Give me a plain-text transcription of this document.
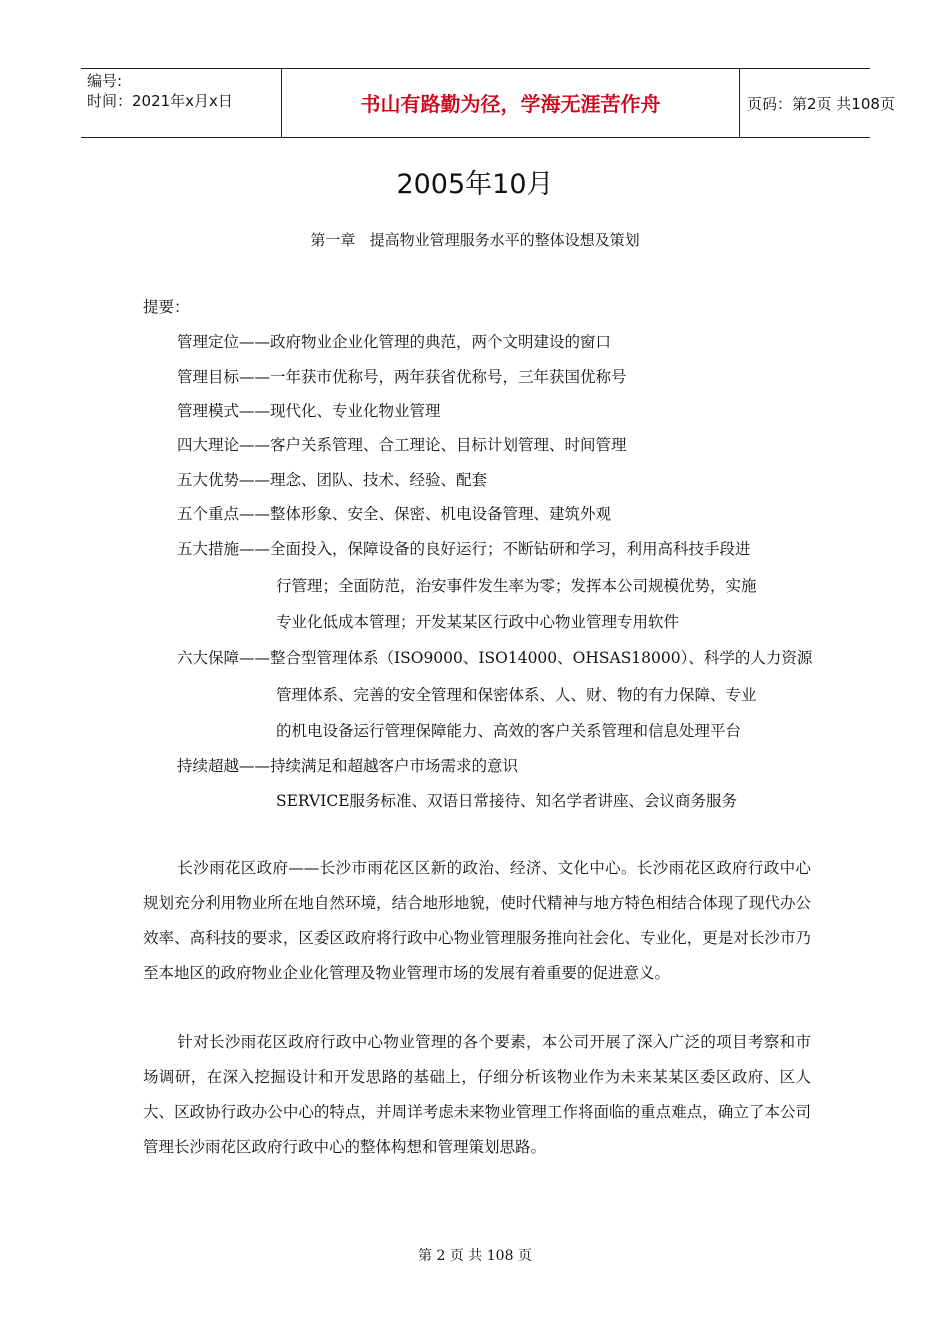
编号:
时间：2021年x月x日	书山有路勤为径，学海无涯苦作舟	页码：第2页 共108页
2005年10月
第一章   提高物业管理服务水平的整体设想及策划
提要：
管理定位——政府物业企业化管理的典范，两个文明建设的窗口
管理目标——一年获市优称号，两年获省优称号，三年获国优称号
管理模式——现代化、专业化物业管理
四大理论——客户关系管理、合工理论、目标计划管理、时间管理
五大优势——理念、团队、技术、经验、配套
五个重点——整体形象、安全、保密、机电设备管理、建筑外观
五大措施——全面投入，保障设备的良好运行；不断钻研和学习，利用高科技手段进
行管理；全面防范，治安事件发生率为零；发挥本公司规模优势，实施
专业化低成本管理；开发某某区行政中心物业管理专用软件
六大保障——整合型管理体系（ISO9000、ISO14000、OHSAS18000）、科学的人力资源
管理体系、完善的安全管理和保密体系、人、财、物的有力保障、专业
的机电设备运行管理保障能力、高效的客户关系管理和信息处理平台
持续超越——持续满足和超越客户市场需求的意识
SERVICE服务标准、双语日常接待、知名学者讲座、会议商务服务
长沙雨花区政府——长沙市雨花区区新的政治、经济、文化中心。长沙雨花区政府行政中心规划充分利用物业所在地自然环境，结合地形地貌，使时代精神与地方特色相结合体现了现代办公效率、高科技的要求，区委区政府将行政中心物业管理服务推向社会化、专业化，更是对长沙市乃至本地区的政府物业企业化管理及物业管理市场的发展有着重要的促进意义。
针对长沙雨花区政府行政中心物业管理的各个要素，本公司开展了深入广泛的项目考察和市场调研，在深入挖掘设计和开发思路的基础上，仔细分析该物业作为未来某某区委区政府、区人大、区政协行政办公中心的特点，并周详考虑未来物业管理工作将面临的重点难点，确立了本公司管理长沙雨花区政府行政中心的整体构想和管理策划思路。
第 2 页 共 108 页
